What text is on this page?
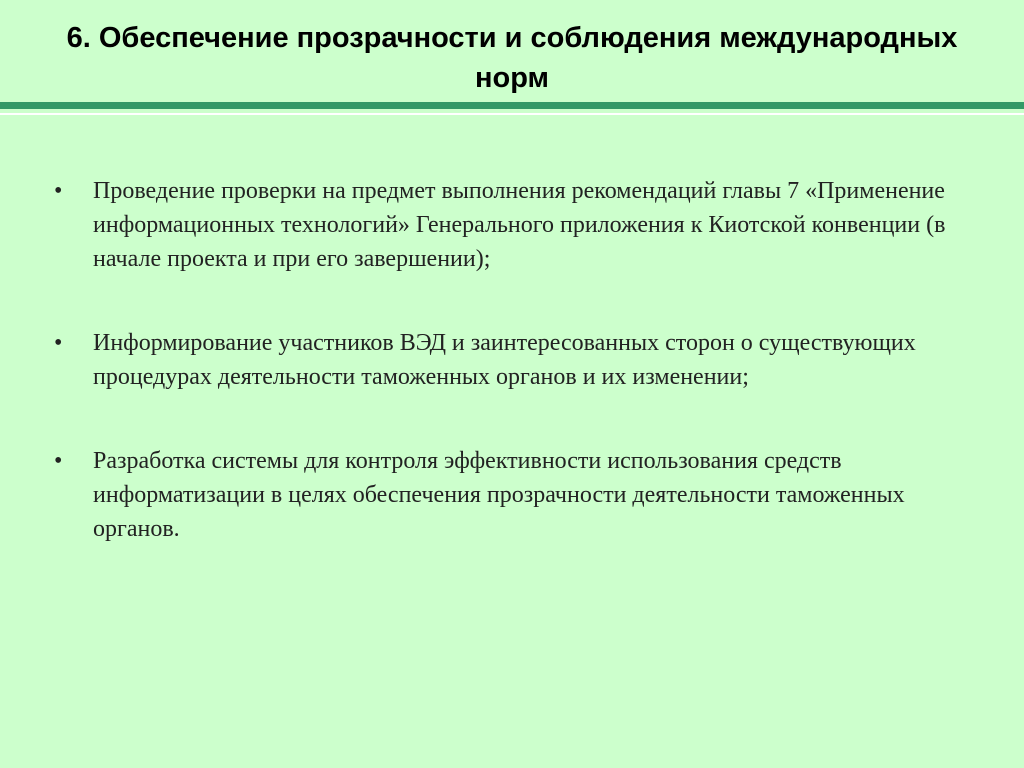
6. Обеспечение прозрачности и соблюдения международных норм
• Проведение проверки на предмет выполнения рекомендаций главы 7 «Применение информационных технологий» Генерального приложения к Киотской конвенции (в начале проекта и при его завершении);
• Информирование участников ВЭД и заинтересованных сторон о существующих процедурах деятельности таможенных органов и их изменении;
• Разработка системы для контроля эффективности использования средств информатизации в целях обеспечения прозрачности деятельности таможенных органов.
